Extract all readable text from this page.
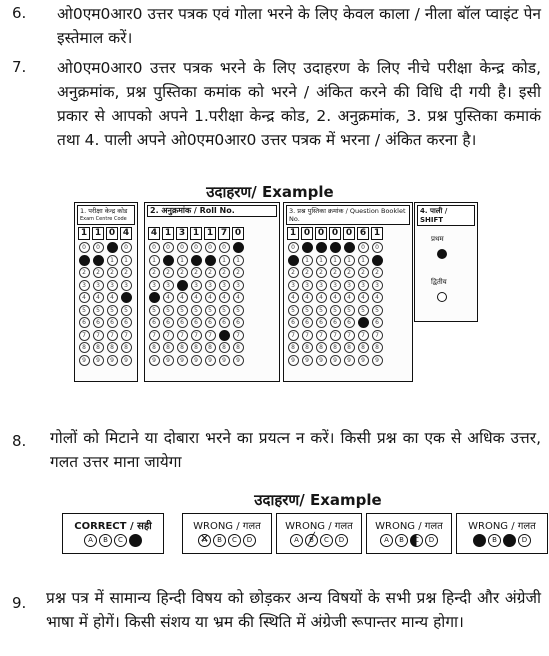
6. ओ0एम0आर0 उत्तर पत्रक एवं गोला भरने के लिए केवल काला / नीला बॉल प्वाइंट पेन इस्तेमाल करें।
7. ओ0एम0आर0 उत्तर पत्रक भरने के लिए उदाहरण के लिए नीचे परीक्षा केन्द्र कोड, अनुक्रमांक, प्रश्न पुस्तिका कमांक को भरने / अंकित करने की विधि दी गयी है। इसी प्रकार से आपको अपने 1.परीक्षा केन्द्र कोड, 2. अनुक्रमांक, 3. प्रश्न पुस्तिका कमाकं तथा 4. पाली अपने ओ0एम0आर0 उत्तर पत्रक में भरना / अंकित करना है।
उदाहरण/ Example
1. परीक्षा केन्द्र कोड
Exam Centre Code
1 1 0 4
0
1
2
3
4
5
6
7
8
9
0
1
2
3
4
5
6
7
8
9
0
1
2
3
4
5
6
7
8
9
0
1
2
3
4
5
6
7
8
9
2. अनुक्रमांक / Roll No.
4 1 3 1 1 7 0
0
1
2
3
4
5
6
7
8
9
0
1
2
3
4
5
6
7
8
9
0
1
2
3
4
5
6
7
8
9
0
1
2
3
4
5
6
7
8
9
0
1
2
3
4
5
6
7
8
9
0
1
2
3
4
5
6
7
8
9
0
1
2
3
4
5
6
7
8
9
3. प्रश्न पुस्तिका क्रमांक / Question Booklet No.
1 0 0 0 0 6 1
0
1
2
3
4
5
6
7
8
9
0
1
2
3
4
5
6
7
8
9
0
1
2
3
4
5
6
7
8
9
0
1
2
3
4
5
6
7
8
9
0
1
2
3
4
5
6
7
8
9
0
1
2
3
4
5
6
7
8
9
0
1
2
3
4
5
6
7
8
9
4. पाली / SHIFT
प्रथम
द्वितीय
8. गोलों को मिटाने या दोबारा भरने का प्रयत्न न करें। किसी प्रश्न का एक से अधिक उत्तर, गलत उत्तर माना जायेगा
उदाहरण/ Example
CORRECT / सही
A	B	C	D
WRONG / गलत
A ✕	B	C	D
WRONG / गलत
A	B ╱	C	D
WRONG / गलत
A	B	C	D
WRONG / गलत
A	B	C	D
9. प्रश्न पत्र में सामान्य हिन्दी विषय को छोड़कर अन्य विषयों के सभी प्रश्न हिन्दी और अंग्रेजी भाषा में होगें। किसी संशय या भ्रम की स्थिति में अंग्रेजी रूपान्तर मान्य होगा।
